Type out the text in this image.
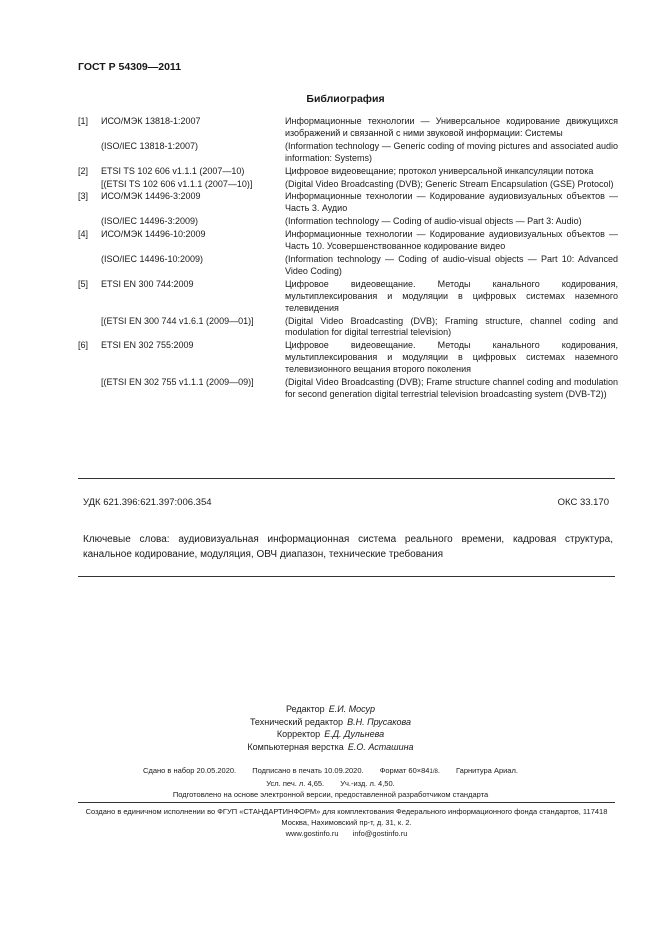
ГОСТ Р 54309—2011
Библиография
[1]	ИСО/МЭК 13818-1:2007	Информационные технологии — Универсальное кодирование движущихся изображений и связанной с ними звуковой информации: Системы
(ISO/IEC 13818-1:2007)	(Information technology — Generic coding of moving pictures and associated audio information: Systems)
[2]	ETSI TS 102 606 v1.1.1 (2007—10)	Цифровое видеовещание; протокол универсальной инкапсуляции потока
[(ETSI TS 102 606 v1.1.1 (2007—10)]	(Digital Video Broadcasting (DVB); Generic Stream Encapsulation (GSE) Protocol)
[3]	ИСО/МЭК 14496-3:2009	Информационные технологии — Кодирование аудиовизуальных объектов — Часть 3. Аудио
(ISO/IEC 14496-3:2009)	(Information technology — Coding of audio-visual objects — Part 3: Audio)
[4]	ИСО/МЭК 14496-10:2009	Информационные технологии — Кодирование аудиовизуальных объектов — Часть 10. Усовершенствованное кодирование видео
(ISO/IEC 14496-10:2009)	(Information technology — Coding of audio-visual objects — Part 10: Advanced Video Coding)
[5]	ETSI EN 300 744:2009	Цифровое видеовещание. Методы канального кодирования, мультиплексирования и модуляции в цифровых системах наземного телевидения
[(ETSI EN 300 744 v1.6.1 (2009—01)]	(Digital Video Broadcasting (DVB); Framing structure, channel coding and modulation for digital terrestrial television)
[6]	ETSI EN 302 755:2009	Цифровое видеовещание. Методы канального кодирования, мультиплексирования и модуляции в цифровых системах наземного телевизионного вещания второго поколения
[(ETSI EN 302 755 v1.1.1 (2009—09)]	(Digital Video Broadcasting (DVB); Frame structure channel coding and modulation for second generation digital terrestrial television broadcasting system (DVB-T2))
УДК 621.396:621.397:006.354	ОКС 33.170
Ключевые слова: аудиовизуальная информационная система реального времени, кадровая структура, канальное кодирование, модуляция, ОВЧ диапазон, технические требования
Редактор Е.И. Мосур
Технический редактор В.Н. Прусакова
Корректор Е.Д. Дульнева
Компьютерная верстка Е.О. Асташина
Сдано в набор 20.05.2020. Подписано в печать 10.09.2020. Формат 60×841/8. Гарнитура Ариал.
Усл. печ. л. 4,65. Уч.-изд. л. 4,50.
Подготовлено на основе электронной версии, предоставленной разработчиком стандарта
Создано в единичном исполнении во ФГУП «СТАНДАРТИНФОРМ» для комплектования Федерального информационного фонда стандартов, 117418 Москва, Нахимовский пр-т, д. 31, к. 2.
www.gostinfo.ru info@gostinfo.ru
